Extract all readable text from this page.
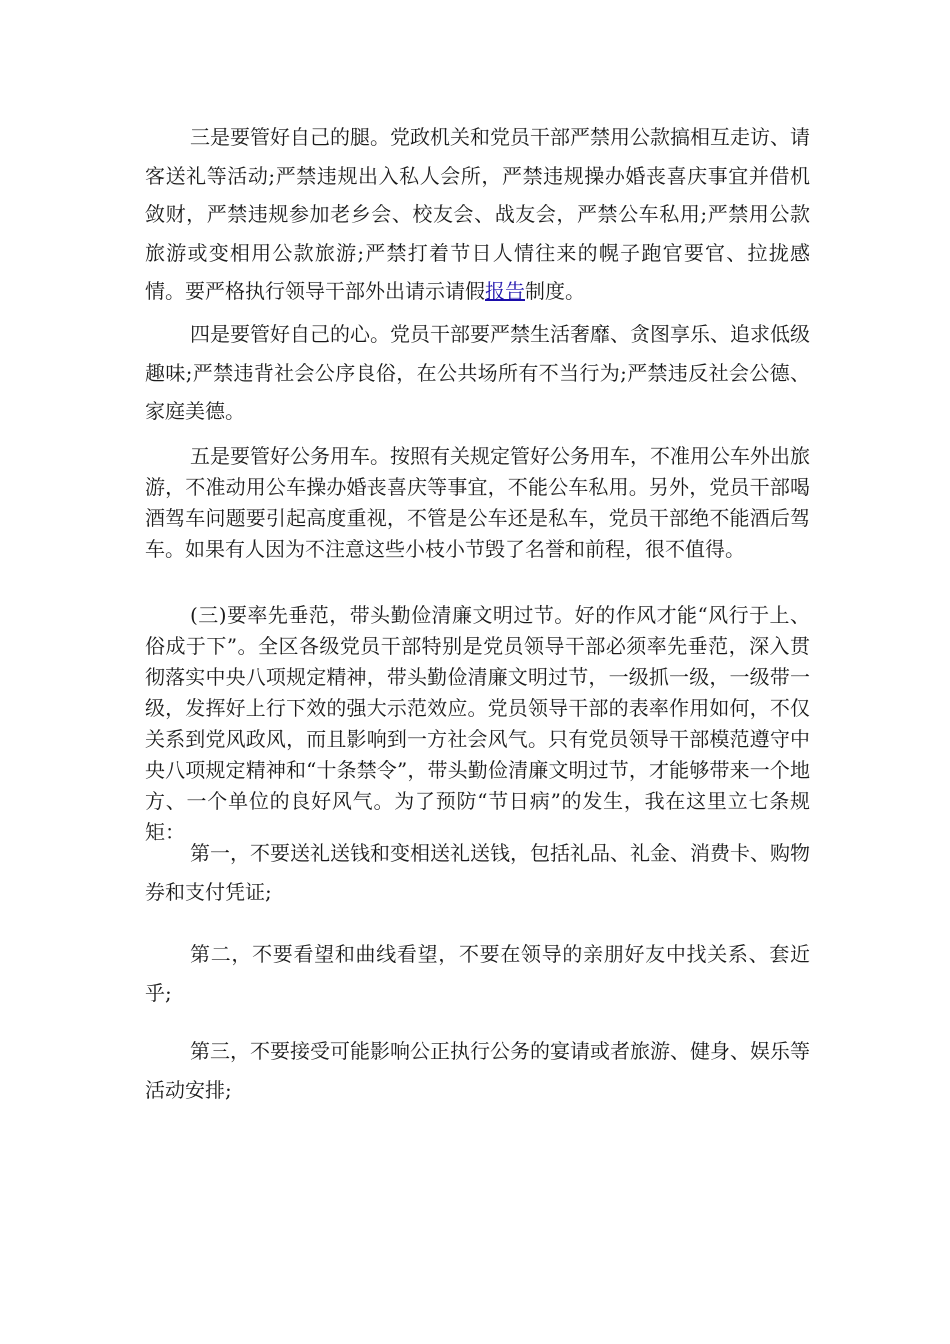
三是要管好自己的腿。党政机关和党员干部严禁用公款搞相互走访、请客送礼等活动;严禁违规出入私人会所，严禁违规操办婚丧喜庆事宜并借机敛财，严禁违规参加老乡会、校友会、战友会，严禁公车私用;严禁用公款旅游或变相用公款旅游;严禁打着节日人情往来的幌子跑官要官、拉拢感情。要严格执行领导干部外出请示请假报告制度。

四是要管好自己的心。党员干部要严禁生活奢靡、贪图享乐、追求低级趣味;严禁违背社会公序良俗，在公共场所有不当行为;严禁违反社会公德、家庭美德。

五是要管好公务用车。按照有关规定管好公务用车，不准用公车外出旅游，不准动用公车操办婚丧喜庆等事宜，不能公车私用。另外，党员干部喝酒驾车问题要引起高度重视，不管是公车还是私车，党员干部绝不能酒后驾车。如果有人因为不注意这些小枝小节毁了名誉和前程，很不值得。

(三)要率先垂范，带头勤俭清廉文明过节。好的作风才能“风行于上、俗成于下”。全区各级党员干部特别是党员领导干部必须率先垂范，深入贯彻落实中央八项规定精神，带头勤俭清廉文明过节，一级抓一级，一级带一级，发挥好上行下效的强大示范效应。党员领导干部的表率作用如何，不仅关系到党风政风，而且影响到一方社会风气。只有党员领导干部模范遵守中央八项规定精神和“十条禁令”，带头勤俭清廉文明过节，才能够带来一个地方、一个单位的良好风气。为了预防“节日病”的发生，我在这里立七条规矩：

第一，不要送礼送钱和变相送礼送钱，包括礼品、礼金、消费卡、购物券和支付凭证;

第二，不要看望和曲线看望，不要在领导的亲朋好友中找关系、套近乎;

第三，不要接受可能影响公正执行公务的宴请或者旅游、健身、娱乐等活动安排;
